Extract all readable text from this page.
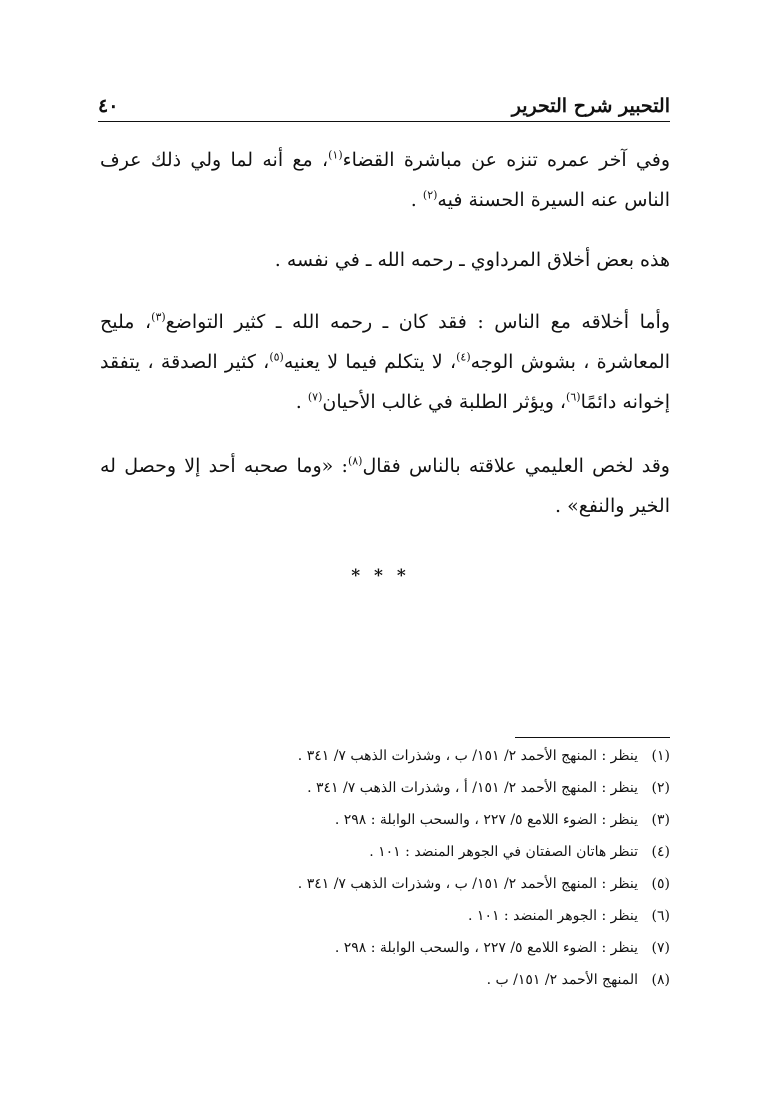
التحبير شرح التحرير
٤٠

وفي آخر عمره تنزه عن مباشرة القضاء$^{(١)}$، مع أنه لما ولي ذلك عرف الناس عنه السيرة الحسنة فيه$^{(٢)}$ .

هذه بعض أخلاق المرداوي ـ رحمه الله ـ في نفسه .

وأما أخلاقه مع الناس : فقد كان ـ رحمه الله ـ كثير التواضع$^{(٣)}$، مليح المعاشرة ، بشوش الوجه$^{(٤)}$، لا يتكلم فيما لا يعنيه$^{(٥)}$، كثير الصدقة ، يتفقد إخوانه دائمًا$^{(٦)}$، ويؤثر الطلبة في غالب الأحيان$^{(٧)}$ .

وقد لخص العليمي علاقته بالناس فقال$^{(٨)}$: «وما صحبه أحد إلا وحصل له الخير والنفع» .

* * *
(١)
ينظر : المنهج الأحمد ٢/ ١٥١/ ب ، وشذرات الذهب ٧/ ٣٤١ .
(٢)
ينظر : المنهج الأحمد ٢/ ١٥١/ أ ، وشذرات الذهب ٧/ ٣٤١ .
(٣)
ينظر : الضوء اللامع ٥/ ٢٢٧ ، والسحب الوابلة : ٢٩٨ .
(٤)
تنظر هاتان الصفتان في الجوهر المنضد : ١٠١ .
(٥)
ينظر : المنهج الأحمد ٢/ ١٥١/ ب ، وشذرات الذهب ٧/ ٣٤١ .
(٦)
ينظر : الجوهر المنضد : ١٠١ .
(٧)
ينظر : الضوء اللامع ٥/ ٢٢٧ ، والسحب الوابلة : ٢٩٨ .
(٨)
المنهج الأحمد ٢/ ١٥١/ ب .
